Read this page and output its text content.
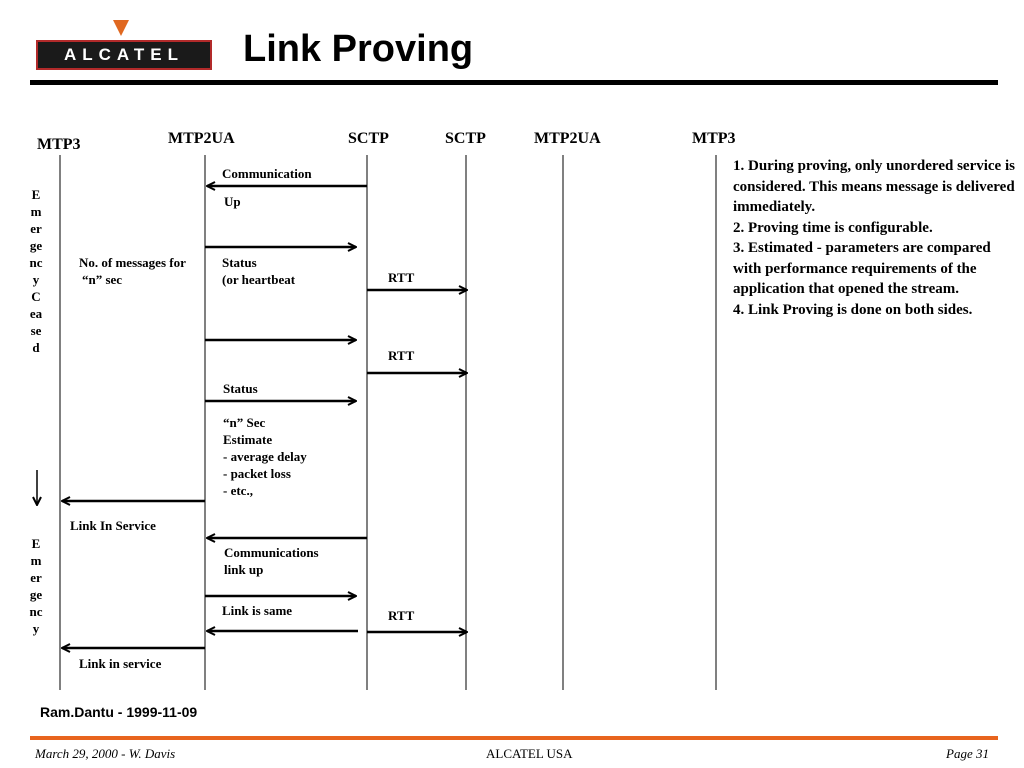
ALCATEL Link Proving
MTP3	MTP2UA	SCTP	SCTP	MTP2UA	MTP3
EmergencyCeased
Emergency
Communication
Up
No. of messages for
“n” sec
Status
(or heartbeat	RTT
RTT
Status
“n” Sec
Estimate
- average delay
- packet loss
- etc.,
Link In Service
Communications
link up
Link is same	RTT
Link in service
1. During proving, only unordered service is considered. This means message is delivered immediately.
2. Proving time is configurable.
3. Estimated - parameters are compared with performance requirements of the application that opened the stream.
4. Link Proving is done on both sides.
Ram.Dantu - 1999-11-09
March 29, 2000 - W. Davis	ALCATEL USA	Page 31
